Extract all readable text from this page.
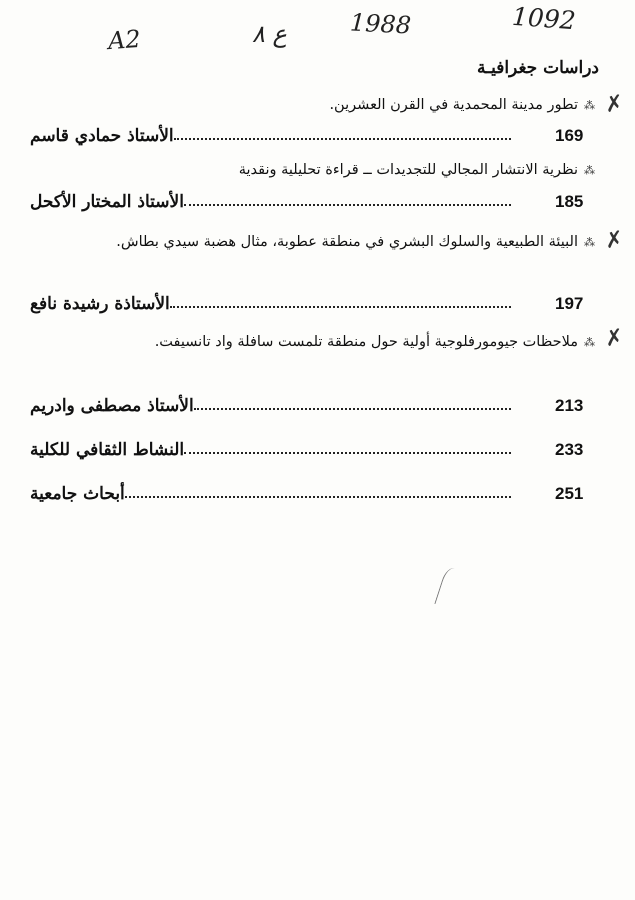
A2	ع ٨	1988	1092
دراسات جغرافيـة
✗
⁂تطور مدينة المحمدية في القرن العشرين.
الأستاذ حمادي قاسم	169
⁂نظرية الانتشار المجالي للتجديدات ــ قراءة تحليلية ونقدية
الأستاذ المختار الأكحل	185
✗
⁂البيئة الطبيعية والسلوك البشري في منطقة عطوبة، مثال هضبة سيدي بطاش.
الأستاذة رشيدة نافع	197
✗
⁂ملاحظات جيومورفلوجية أولية حول منطقة تلمست سافلة واد تانسيفت.
الأستاذ مصطفى وادريم	213
النشاط الثقافي للكلية	233
أبحاث جامعية	251
